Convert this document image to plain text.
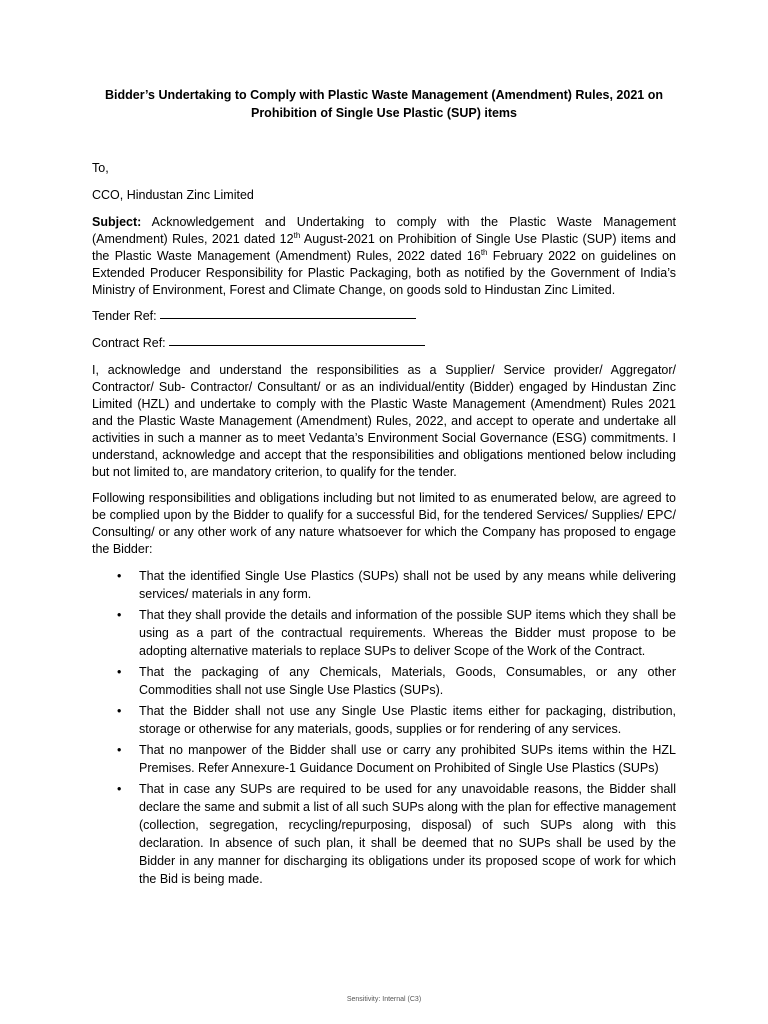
Bidder’s Undertaking to Comply with Plastic Waste Management (Amendment) Rules, 2021 on Prohibition of Single Use Plastic (SUP) items

To,

CCO, Hindustan Zinc Limited

Subject: Acknowledgement and Undertaking to comply with the Plastic Waste Management (Amendment) Rules, 2021 dated 12th August-2021 on Prohibition of Single Use Plastic (SUP) items and the Plastic Waste Management (Amendment) Rules, 2022 dated 16th February 2022 on guidelines on Extended Producer Responsibility for Plastic Packaging, both as notified by the Government of India’s Ministry of Environment, Forest and Climate Change, on goods sold to Hindustan Zinc Limited.

Tender Ref:

Contract Ref:

I, acknowledge and understand the responsibilities as a Supplier/ Service provider/ Aggregator/ Contractor/ Sub- Contractor/ Consultant/ or as an individual/entity (Bidder) engaged by Hindustan Zinc Limited (HZL) and undertake to comply with the Plastic Waste Management (Amendment) Rules 2021 and the Plastic Waste Management (Amendment) Rules, 2022, and accept to operate and undertake all activities in such a manner as to meet Vedanta’s Environment Social Governance (ESG) commitments. I understand, acknowledge and accept that the responsibilities and obligations mentioned below including but not limited to, are mandatory criterion, to qualify for the tender.

Following responsibilities and obligations including but not limited to as enumerated below, are agreed to be complied upon by the Bidder to qualify for a successful Bid, for the tendered Services/ Supplies/ EPC/ Consulting/ or any other work of any nature whatsoever for which the Company has proposed to engage the Bidder:

• That the identified Single Use Plastics (SUPs) shall not be used by any means while delivering services/ materials in any form.
• That they shall provide the details and information of the possible SUP items which they shall be using as a part of the contractual requirements. Whereas the Bidder must propose to be adopting alternative materials to replace SUPs to deliver Scope of the Work of the Contract.
• That the packaging of any Chemicals, Materials, Goods, Consumables, or any other Commodities shall not use Single Use Plastics (SUPs).
• That the Bidder shall not use any Single Use Plastic items either for packaging, distribution, storage or otherwise for any materials, goods, supplies or for rendering of any services.
• That no manpower of the Bidder shall use or carry any prohibited SUPs items within the HZL Premises. Refer Annexure-1 Guidance Document on Prohibited of Single Use Plastics (SUPs)
• That in case any SUPs are required to be used for any unavoidable reasons, the Bidder shall declare the same and submit a list of all such SUPs along with the plan for effective management (collection, segregation, recycling/repurposing, disposal) of such SUPs along with this declaration. In absence of such plan, it shall be deemed that no SUPs shall be used by the Bidder in any manner for discharging its obligations under its proposed scope of work for which the Bid is being made.
Sensitivity: Internal (C3)
